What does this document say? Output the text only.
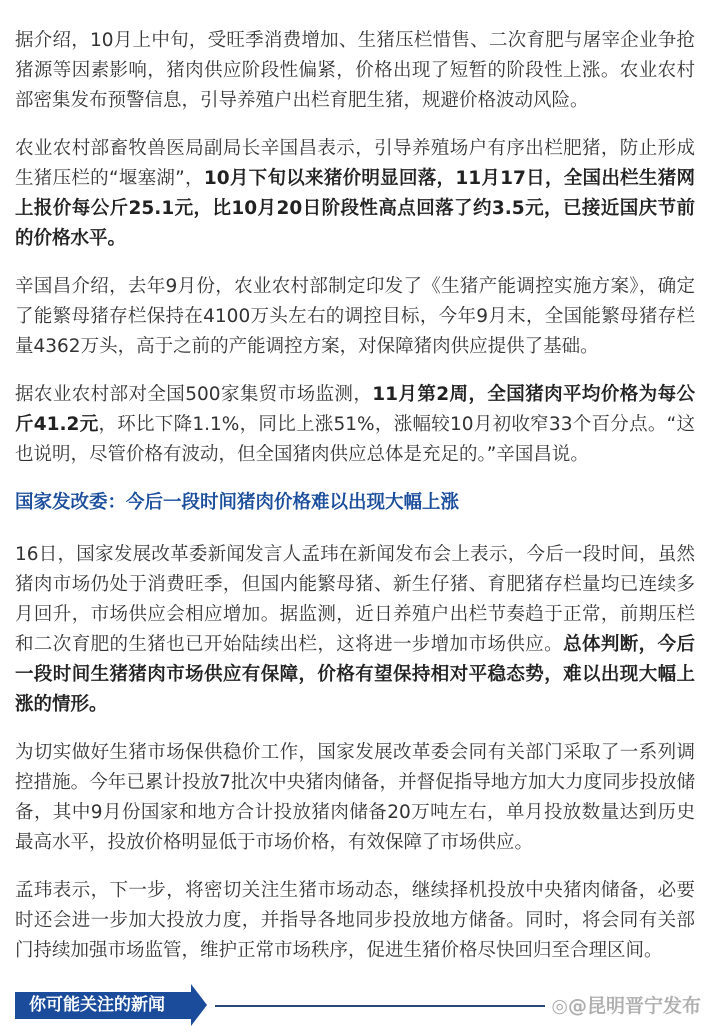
据介绍，10月上中旬，受旺季消费增加、生猪压栏惜售、二次育肥与屠宰企业争抢猪源等因素影响，猪肉供应阶段性偏紧，价格出现了短暂的阶段性上涨。农业农村部密集发布预警信息，引导养殖户出栏育肥生猪，规避价格波动风险。

农业农村部畜牧兽医局副局长辛国昌表示，引导养殖场户有序出栏肥猪，防止形成生猪压栏的“堰塞湖”，10月下旬以来猪价明显回落，11月17日，全国出栏生猪网上报价每公斤25.1元，比10月20日阶段性高点回落了约3.5元，已接近国庆节前的价格水平。

辛国昌介绍，去年9月份，农业农村部制定印发了《生猪产能调控实施方案》，确定了能繁母猪存栏保持在4100万头左右的调控目标，今年9月末，全国能繁母猪存栏量4362万头，高于之前的产能调控方案，对保障猪肉供应提供了基础。

据农业农村部对全国500家集贸市场监测，11月第2周，全国猪肉平均价格为每公斤41.2元，环比下降1.1%，同比上涨51%，涨幅较10月初收窄33个百分点。“这也说明，尽管价格有波动，但全国猪肉供应总体是充足的。”辛国昌说。

国家发改委：今后一段时间猪肉价格难以出现大幅上涨

16日，国家发展改革委新闻发言人孟玮在新闻发布会上表示，今后一段时间，虽然猪肉市场仍处于消费旺季，但国内能繁母猪、新生仔猪、育肥猪存栏量均已连续多月回升，市场供应会相应增加。据监测，近日养殖户出栏节奏趋于正常，前期压栏和二次育肥的生猪也已开始陆续出栏，这将进一步增加市场供应。总体判断，今后一段时间生猪猪肉市场供应有保障，价格有望保持相对平稳态势，难以出现大幅上涨的情形。

为切实做好生猪市场保供稳价工作，国家发展改革委会同有关部门采取了一系列调控措施。今年已累计投放7批次中央猪肉储备，并督促指导地方加大力度同步投放储备，其中9月份国家和地方合计投放猪肉储备20万吨左右，单月投放数量达到历史最高水平，投放价格明显低于市场价格，有效保障了市场供应。

孟玮表示，下一步，将密切关注生猪市场动态，继续择机投放中央猪肉储备，必要时还会进一步加大投放力度，并指导各地同步投放地方储备。同时，将会同有关部门持续加强市场监管，维护正常市场秩序，促进生猪价格尽快回归至合理区间。

你可能关注的新闻	◎@昆明晋宁发布
